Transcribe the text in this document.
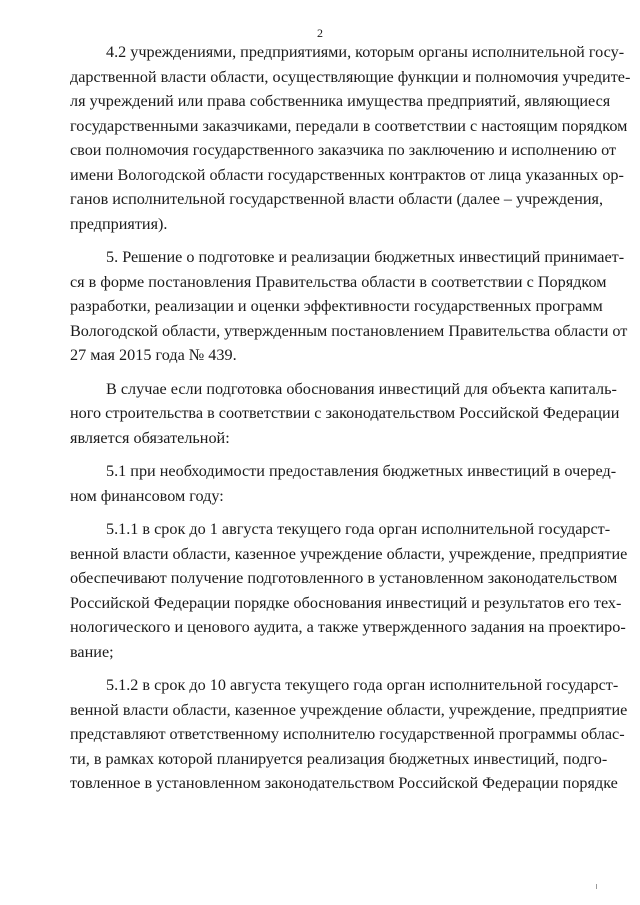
2
4.2 учреждениями, предприятиями, которым органы исполнительной госу-
дарственной власти области, осуществляющие функции и полномочия учредите-
ля учреждений или права собственника имущества предприятий, являющиеся
государственными заказчиками, передали в соответствии с настоящим порядком
свои полномочия государственного заказчика по заключению и исполнению от
имени Вологодской области государственных контрактов от лица указанных ор-
ганов исполнительной государственной власти области (далее – учреждения,
предприятия).
5. Решение о подготовке и реализации бюджетных инвестиций принимает-
ся в форме постановления Правительства области в соответствии с Порядком
разработки, реализации и оценки эффективности государственных программ
Вологодской области, утвержденным постановлением Правительства области от
27 мая 2015 года № 439.
В случае если подготовка обоснования инвестиций для объекта капиталь-
ного строительства в соответствии с законодательством Российской Федерации
является обязательной:
5.1 при необходимости предоставления бюджетных инвестиций в очеред-
ном финансовом году:
5.1.1 в срок до 1 августа текущего года орган исполнительной государст-
венной власти области, казенное учреждение области, учреждение, предприятие
обеспечивают получение подготовленного в установленном законодательством
Российской Федерации порядке обоснования инвестиций и результатов его тех-
нологического и ценового аудита, а также утвержденного задания на проектиро-
вание;
5.1.2 в срок до 10 августа текущего года орган исполнительной государст-
венной власти области, казенное учреждение области, учреждение, предприятие
представляют ответственному исполнителю государственной программы облас-
ти, в рамках которой планируется реализация бюджетных инвестиций, подго-
товленное в установленном законодательством Российской Федерации порядке
